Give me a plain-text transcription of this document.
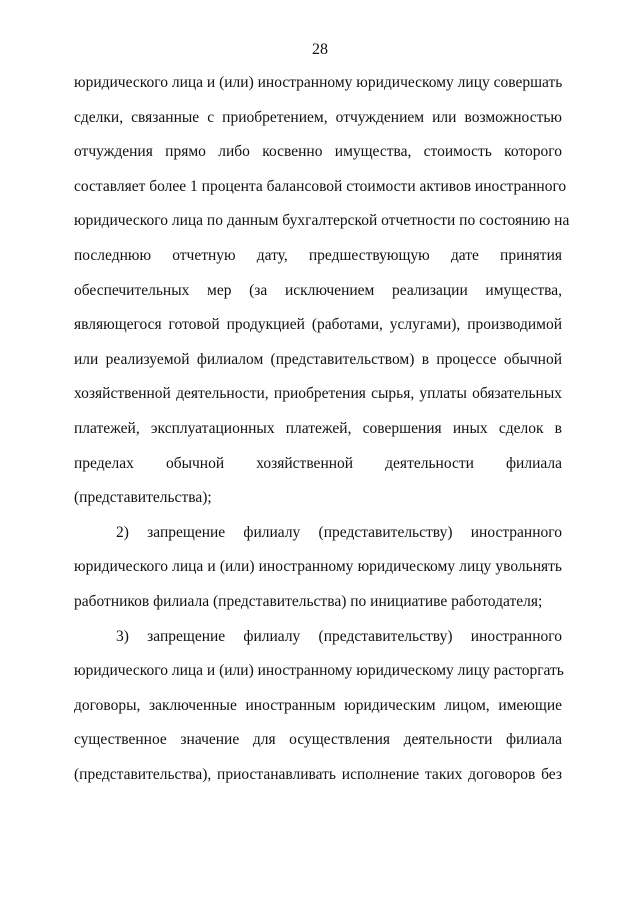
28
юридического лица и (или) иностранному юридическому лицу совершать
сделки, связанные с приобретением, отчуждением или возможностью
отчуждения прямо либо косвенно имущества, стоимость которого
составляет более 1 процента балансовой стоимости активов иностранного
юридического лица по данным бухгалтерской отчетности по состоянию на
последнюю отчетную дату, предшествующую дате принятия
обеспечительных мер (за исключением реализации имущества,
являющегося готовой продукцией (работами, услугами), производимой
или реализуемой филиалом (представительством) в процессе обычной
хозяйственной деятельности, приобретения сырья, уплаты обязательных
платежей, эксплуатационных платежей, совершения иных сделок в
пределах обычной хозяйственной деятельности филиала
(представительства);
2) запрещение филиалу (представительству) иностранного
юридического лица и (или) иностранному юридическому лицу увольнять
работников филиала (представительства) по инициативе работодателя;
3) запрещение филиалу (представительству) иностранного
юридического лица и (или) иностранному юридическому лицу расторгать
договоры, заключенные иностранным юридическим лицом, имеющие
существенное значение для осуществления деятельности филиала
(представительства), приостанавливать исполнение таких договоров без
